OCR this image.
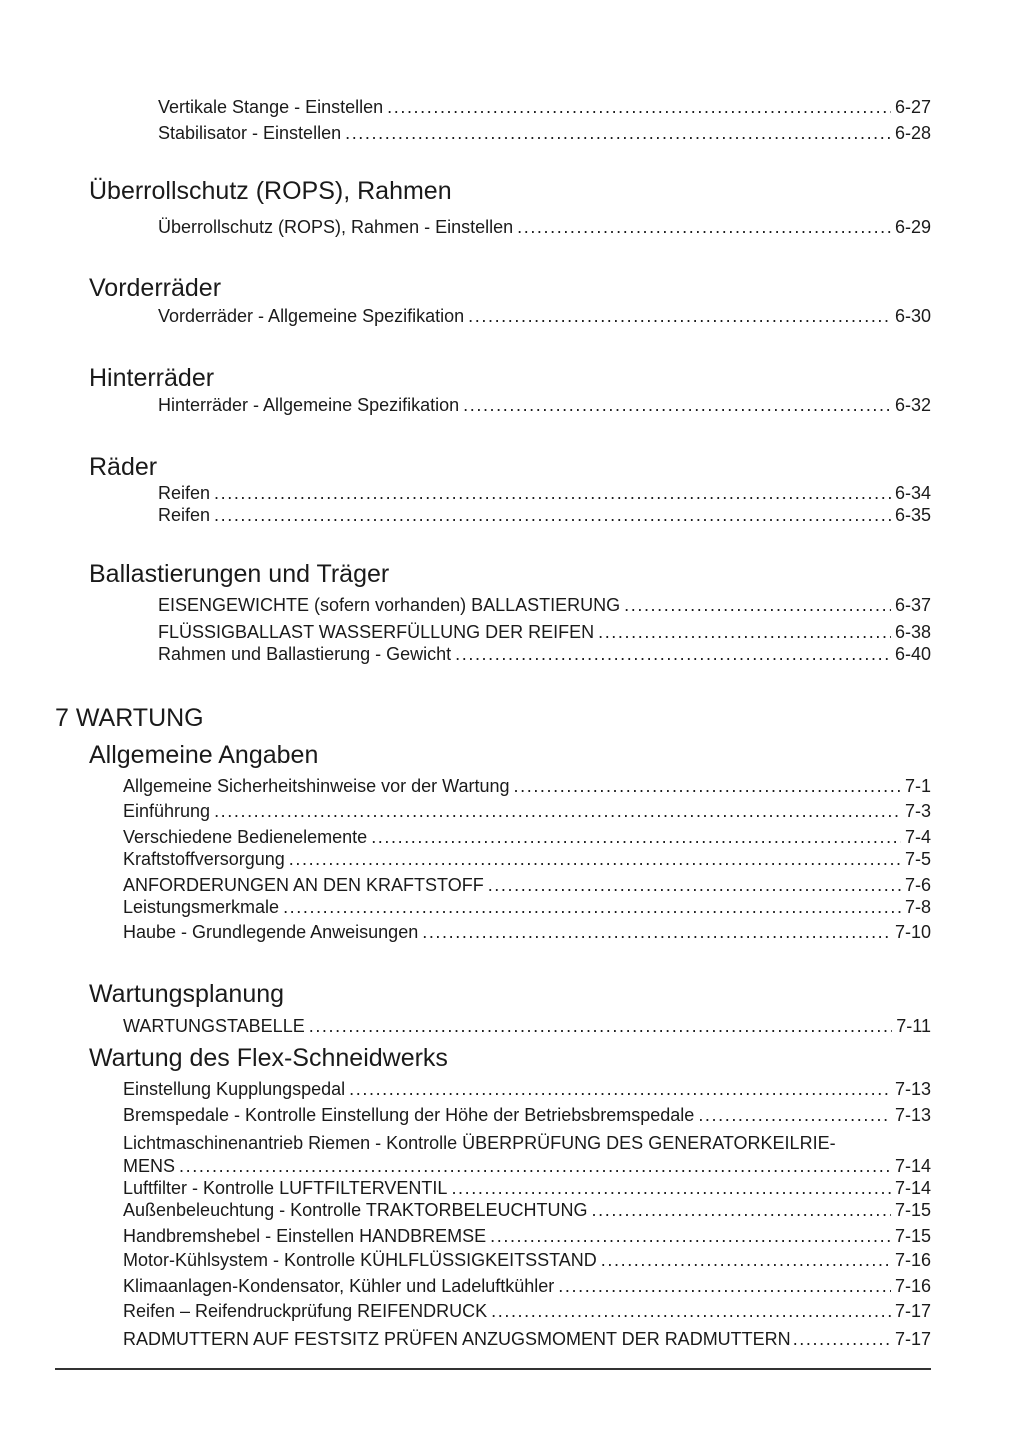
Vertikale Stange - Einstellen .....	6-27
Stabilisator - Einstellen .....	6-28
Überrollschutz (ROPS), Rahmen
Überrollschutz (ROPS), Rahmen - Einstellen .....	6-29
Vorderräder
Vorderräder - Allgemeine Spezifikation .....	6-30
Hinterräder
Hinterräder - Allgemeine Spezifikation .....	6-32
Räder
Reifen .....	6-34
Reifen .....	6-35
Ballastierungen und Träger
EISENGEWICHTE (sofern vorhanden) BALLASTIERUNG .....	6-37
FLÜSSIGBALLAST WASSERFÜLLUNG DER REIFEN .....	6-38
Rahmen und Ballastierung - Gewicht .....	6-40
7 WARTUNG
Allgemeine Angaben
Allgemeine Sicherheitshinweise vor der Wartung .....	7-1
Einführung .....	7-3
Verschiedene Bedienelemente .....	7-4
Kraftstoffversorgung .....	7-5
ANFORDERUNGEN AN DEN KRAFTSTOFF .....	7-6
Leistungsmerkmale .....	7-8
Haube - Grundlegende Anweisungen .....	7-10
Wartungsplanung
WARTUNGSTABELLE .....	7-11
Wartung des Flex-Schneidwerks
Einstellung Kupplungspedal .....	7-13
Bremspedale - Kontrolle Einstellung der Höhe der Betriebsbremspedale .....	7-13
Lichtmaschinenantrieb Riemen - Kontrolle ÜBERPRÜFUNG DES GENERATORKEILRIE-
MENS .....	7-14
Luftfilter - Kontrolle LUFTFILTERVENTIL .....	7-14
Außenbeleuchtung - Kontrolle TRAKTORBELEUCHTUNG .....	7-15
Handbremshebel - Einstellen HANDBREMSE .....	7-15
Motor-Kühlsystem - Kontrolle KÜHLFLÜSSIGKEITSSTAND .....	7-16
Klimaanlagen-Kondensator, Kühler und Ladeluftkühler .....	7-16
Reifen – Reifendruckprüfung REIFENDRUCK .....	7-17
RADMUTTERN AUF FESTSITZ PRÜFEN ANZUGSMOMENT DER RADMUTTERN .....	7-17
